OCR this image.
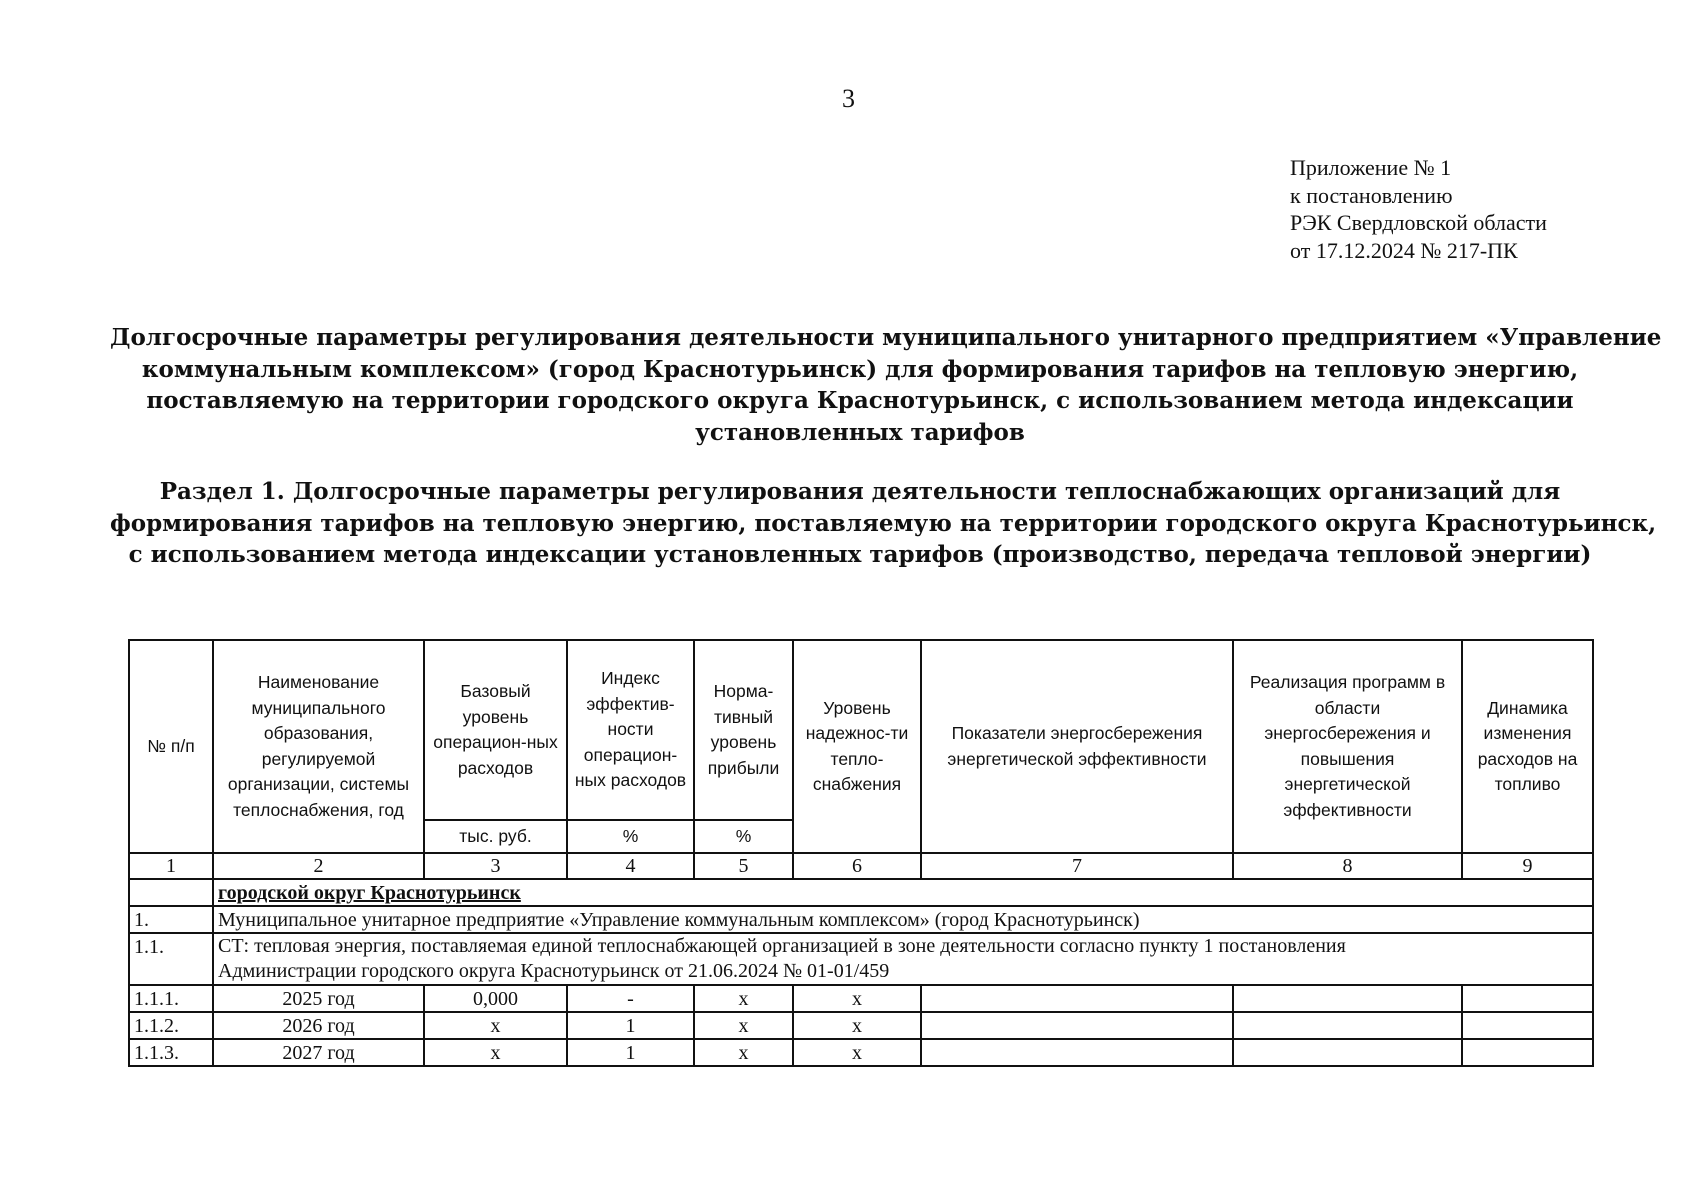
3
Приложение № 1
к постановлению
РЭК Свердловской области
от 17.12.2024 № 217-ПК
Долгосрочные параметры регулирования деятельности муниципального унитарного предприятием «Управление
коммунальным комплексом» (город Краснотурьинск) для формирования тарифов на тепловую энергию,
поставляемую на территории городского округа Краснотурьинск, с использованием метода индексации
установленных тарифов
Раздел 1. Долгосрочные параметры регулирования деятельности теплоснабжающих организаций для
формирования тарифов на тепловую энергию, поставляемую на территории городского округа Краснотурьинск,
с использованием метода индексации установленных тарифов (производство, передача тепловой энергии)
№ п/п	Наименование муниципального образования, регулируемой организации, системы теплоснабжения, год	Базовый уровень операцион-ных расходов	Индекс эффектив-ности операцион-ных расходов	Норма-тивный уровень прибыли	Уровень надежнос-ти тепло-снабжения	Показатели энергосбережения энергетической эффективности	Реализация программ в области энергосбережения и повышения энергетической эффективности	Динамика изменения расходов на топливо
		тыс. руб.	%	%				
1	2	3	4	5	6	7	8	9
	городской округ Краснотурьинск							
1.	Муниципальное унитарное предприятие «Управление коммунальным комплексом» (город Краснотурьинск)							
1.1.	СТ: тепловая энергия, поставляемая единой теплоснабжающей организацией в зоне деятельности согласно пункту 1 постановления
Администрации городского округа Краснотурьинск от 21.06.2024 № 01-01/459							

1.1.1.	2025 год	0,000	-	х	х			
1.1.2.	2026 год	х	1	х	х			
1.1.3.	2027 год	х	1	х	х			
